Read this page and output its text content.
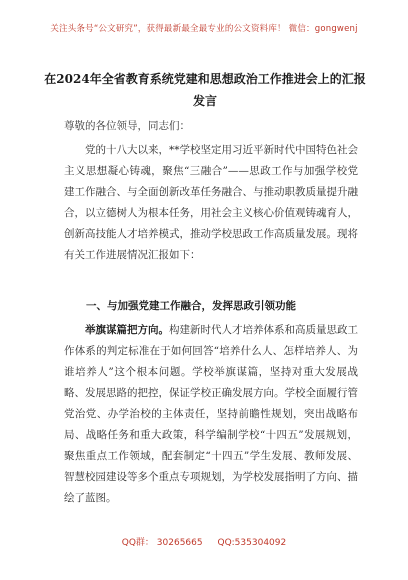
关注头条号“公文研究”，获得最新最全最专业的公文资料库！ 微信：gongwenj
在2024年全省教育系统党建和思想政治工作推进会上的汇报发言
尊敬的各位领导，同志们：

党的十八大以来，**学校坚定用习近平新时代中国特色社会主义思想凝心铸魂，聚焦“三融合”——思政工作与加强学校党建工作融合、与全面创新改革任务融合、与推动职教质量提升融合，以立德树人为根本任务，用社会主义核心价值观铸魂育人，创新高技能人才培养模式，推动学校思政工作高质量发展。现将有关工作进展情况汇报如下：

一、与加强党建工作融合，发挥思政引领功能

举旗谋篇把方向。构建新时代人才培养体系和高质量思政工作体系的判定标准在于如何回答“培养什么人、怎样培养人、为谁培养人”这个根本问题。学校举旗谋篇，坚持对重大发展战略、发展思路的把控，保证学校正确发展方向。学校全面履行管党治党、办学治校的主体责任，坚持前瞻性规划，突出战略布局、战略任务和重大政策，科学编制学校“十四五”发展规划，聚焦重点工作领域，配套制定“十四五”学生发展、教师发展、智慧校园建设等多个重点专项规划，为学校发展指明了方向、描绘了蓝图。

QQ群： 30265665 QQ:535304092
